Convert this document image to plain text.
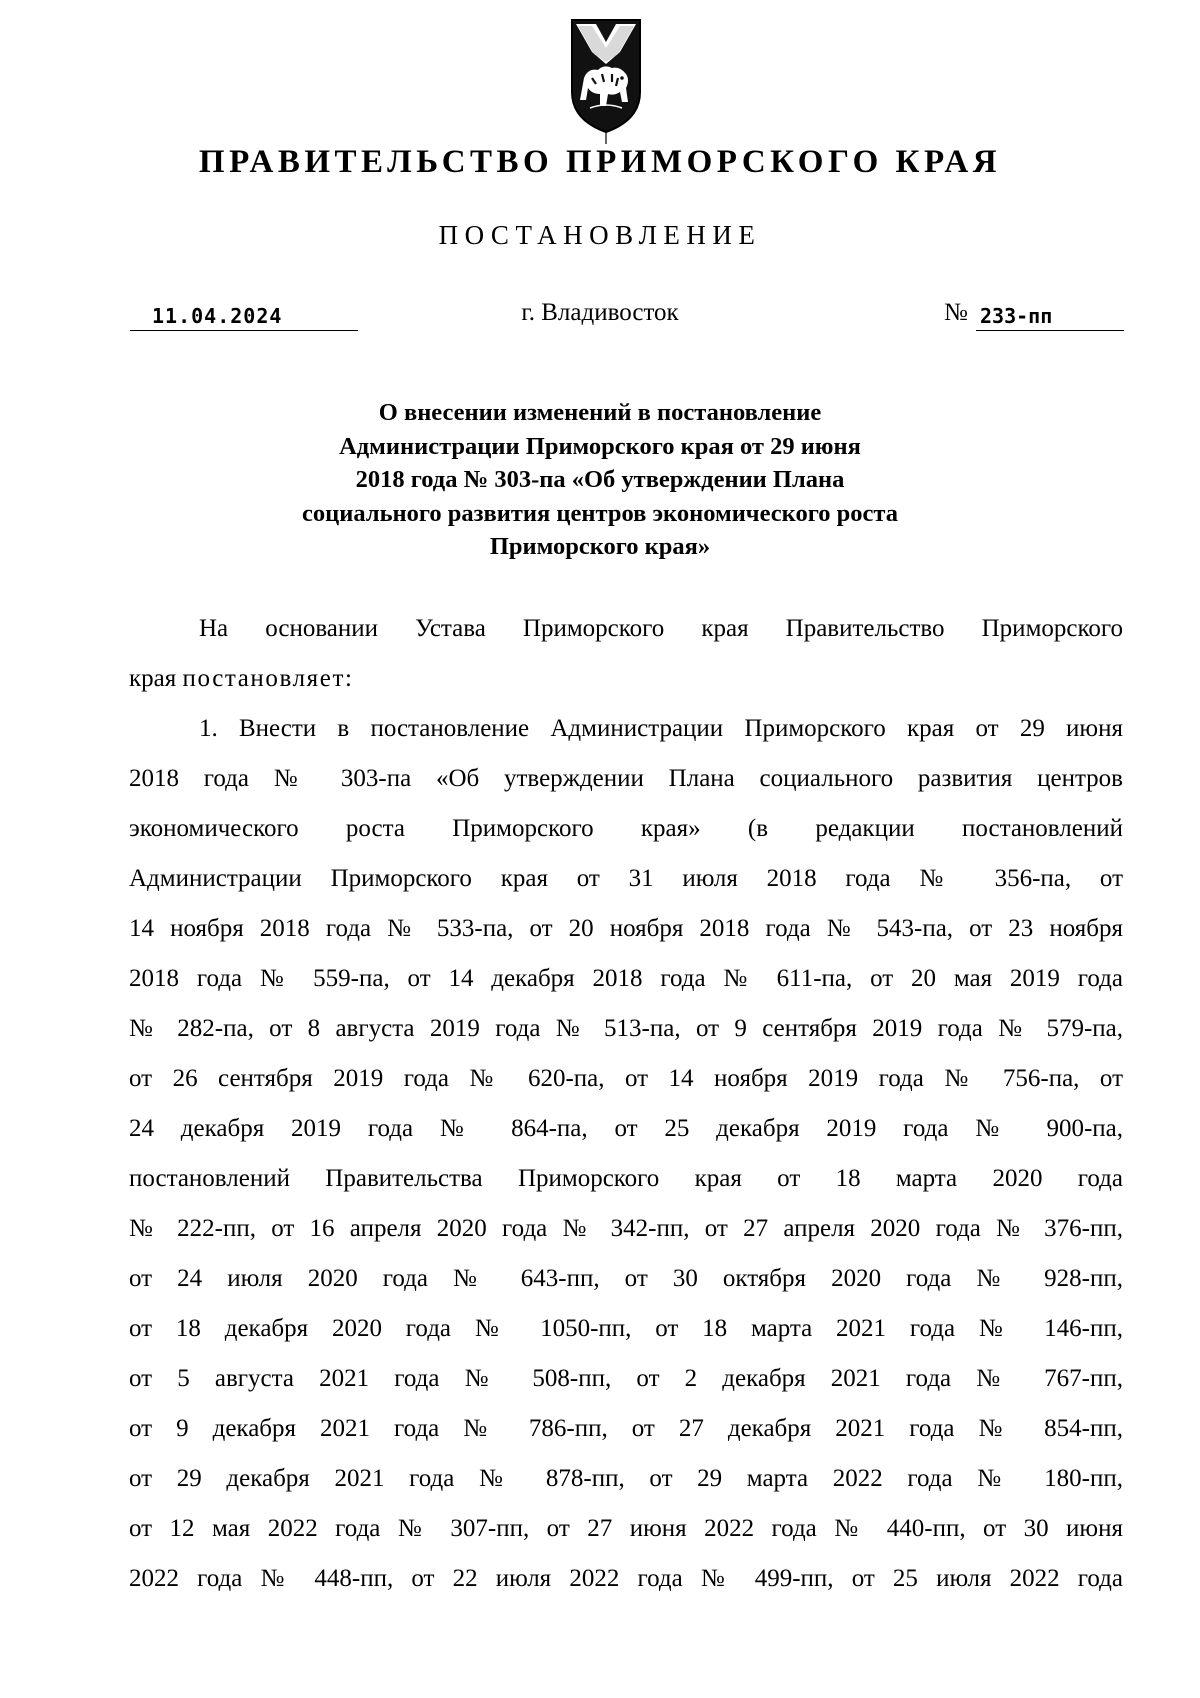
ПРАВИТЕЛЬСТВО ПРИМОРСКОГО КРАЯ
ПОСТАНОВЛЕНИЕ
11.04.2024	г. Владивосток	№ 233-пп
О внесении изменений в постановление
Администрации Приморского края от 29 июня
2018 года № 303-па «Об утверждении Плана
социального развития центров экономического роста
Приморского края»
На основании Устава Приморского края Правительство Приморского
края постановляет:
1. Внести в постановление Администрации Приморского края от 29 июня
2018 года № 303-па «Об утверждении Плана социального развития центров
экономического роста Приморского края» (в редакции постановлений
Администрации Приморского края от 31 июля 2018 года № 356-па, от
14 ноября 2018 года № 533-па, от 20 ноября 2018 года № 543-па, от 23 ноября
2018 года № 559-па, от 14 декабря 2018 года № 611-па, от 20 мая 2019 года
№ 282-па, от 8 августа 2019 года № 513-па, от 9 сентября 2019 года № 579-па,
от 26 сентября 2019 года № 620-па, от 14 ноября 2019 года № 756-па, от
24 декабря 2019 года № 864-па, от 25 декабря 2019 года № 900-па,
постановлений Правительства Приморского края от 18 марта 2020 года
№ 222-пп, от 16 апреля 2020 года № 342-пп, от 27 апреля 2020 года № 376-пп,
от 24 июля 2020 года № 643-пп, от 30 октября 2020 года № 928-пп,
от 18 декабря 2020 года № 1050-пп, от 18 марта 2021 года № 146-пп,
от 5 августа 2021 года № 508-пп, от 2 декабря 2021 года № 767-пп,
от 9 декабря 2021 года № 786-пп, от 27 декабря 2021 года № 854-пп,
от 29 декабря 2021 года № 878-пп, от 29 марта 2022 года № 180-пп,
от 12 мая 2022 года № 307-пп, от 27 июня 2022 года № 440-пп, от 30 июня
2022 года № 448-пп, от 22 июля 2022 года № 499-пп, от 25 июля 2022 года
